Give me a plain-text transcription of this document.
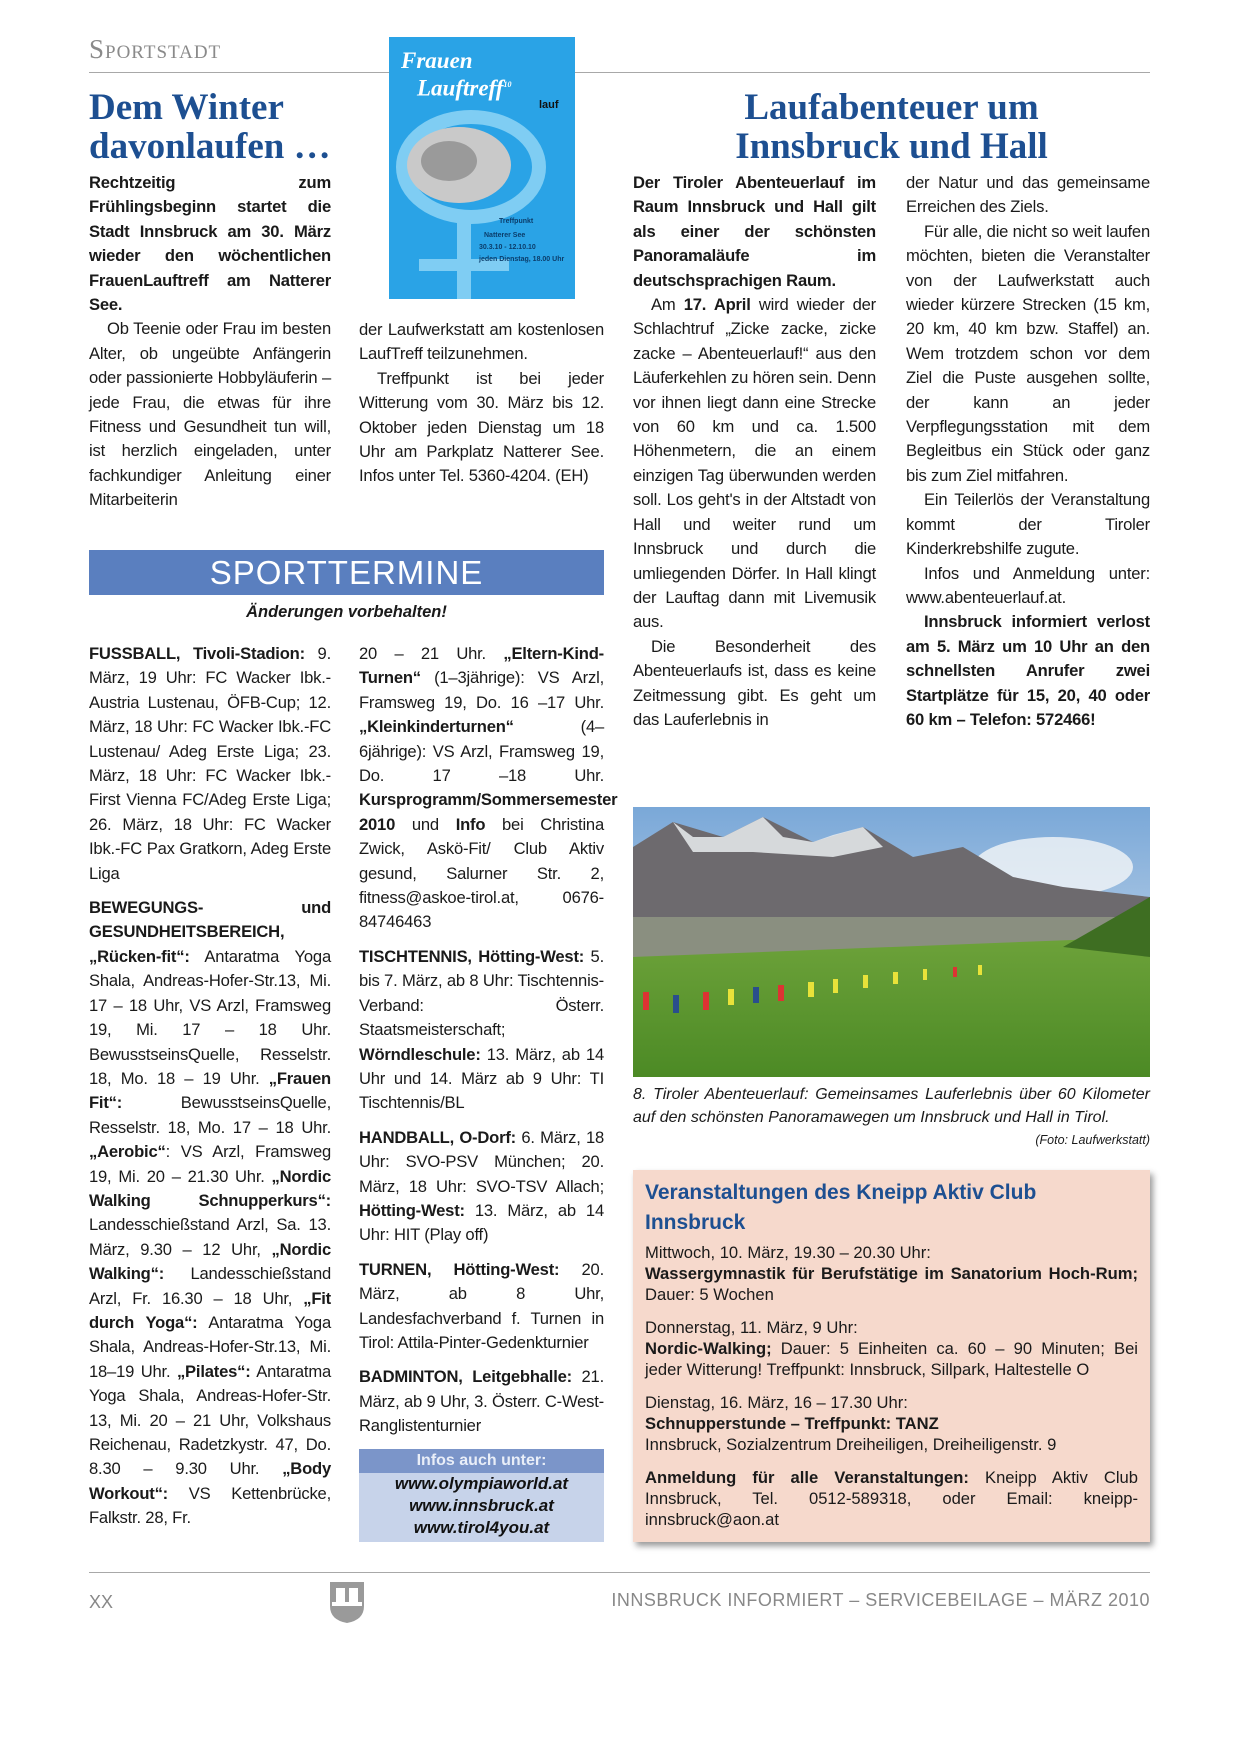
Sportstadt
Dem Winter
davonlaufen …

Rechtzeitig zum Frühlingsbeginn startet die Stadt Innsbruck am 30. März wieder den wöchentlichen FrauenLauftreff am Natterer See.

Ob Teenie oder Frau im besten Alter, ob ungeübte Anfängerin oder passionierte Hobbyläuferin – jede Frau, die etwas für ihre Fitness und Gesundheit tun will, ist herzlich eingeladen, unter fachkundiger Anleitung einer Mitarbeiterin

der Laufwerkstatt am kostenlosen LaufTreff teilzunehmen.

Treffpunkt ist bei jeder Witterung vom 30. März bis 12. Oktober jeden Dienstag um 18 Uhr am Parkplatz Natterer See. Infos unter Tel. 5360-4204. (EH)

Treffpunkt
Natterer See
30.3.10 - 12.10.10
jeden Dienstag, 18.00 Uhr
Frauen
Lauftreff$^{10}$
lauf
SPORTTERMINE
Änderungen vorbehalten!

FUSSBALL, Tivoli-Stadion: 9. März, 19 Uhr: FC Wacker Ibk.-Austria Lustenau, ÖFB-Cup; 12. März, 18 Uhr: FC Wacker Ibk.-FC Lustenau/ Adeg Erste Liga; 23. März, 18 Uhr: FC Wacker Ibk.-First Vienna FC/Adeg Erste Liga; 26. März, 18 Uhr: FC Wacker Ibk.-FC Pax Gratkorn, Adeg Erste Liga

BEWEGUNGS- und GESUNDHEITSBEREICH, „Rücken-fit“: Antaratma Yoga Shala, Andreas-Hofer-Str.13, Mi. 17 – 18 Uhr, VS Arzl, Framsweg 19, Mi. 17 – 18 Uhr. BewusstseinsQuelle, Resselstr. 18, Mo. 18 – 19 Uhr. „Frauen Fit“: BewusstseinsQuelle, Resselstr. 18, Mo. 17 – 18 Uhr. „Aerobic“: VS Arzl, Framsweg 19, Mi. 20 – 21.30 Uhr. „Nordic Walking Schnupperkurs“: Landesschießstand Arzl, Sa. 13. März, 9.30 – 12 Uhr, „Nordic Walking“: Landesschießstand Arzl, Fr. 16.30 – 18 Uhr, „Fit durch Yoga“: Antaratma Yoga Shala, Andreas-Hofer-Str.13, Mi. 18–19 Uhr. „Pilates“: Antaratma Yoga Shala, Andreas-Hofer-Str. 13, Mi. 20 – 21 Uhr, Volkshaus Reichenau, Radetzkystr. 47, Do. 8.30 – 9.30 Uhr. „Body Workout“: VS Kettenbrücke, Falkstr. 28, Fr.

20 – 21 Uhr. „Eltern-Kind-Turnen“ (1–3jährige): VS Arzl, Framsweg 19, Do. 16 –17 Uhr. „Kleinkinderturnen“ (4–6jährige): VS Arzl, Framsweg 19, Do. 17 –18 Uhr. Kursprogramm/Sommersemester 2010 und Info bei Christina Zwick, Askö-Fit/ Club Aktiv gesund, Salurner Str. 2, fitness@askoe-tirol.at, 0676-84746463

TISCHTENNIS, Hötting-West: 5. bis 7. März, ab 8 Uhr: Tischtennis-Verband: Österr. Staatsmeisterschaft; Wörndleschule: 13. März, ab 14 Uhr und 14. März ab 9 Uhr: TI Tischtennis/BL

HANDBALL, O-Dorf: 6. März, 18 Uhr: SVO-PSV München; 20. März, 18 Uhr: SVO-TSV Allach; Hötting-West: 13. März, ab 14 Uhr: HIT (Play off)

TURNEN, Hötting-West: 20. März, ab 8 Uhr, Landesfachverband f. Turnen in Tirol: Attila-Pinter-Gedenkturnier

BADMINTON, Leitgebhalle: 21. März, ab 9 Uhr, 3. Österr. C-West-Ranglistenturnier

Infos auch unter:
www.olympiaworld.at
www.innsbruck.at
www.tirol4you.at
Laufabenteuer um
Innsbruck und Hall

Der Tiroler Abenteuerlauf im Raum Innsbruck und Hall gilt als einer der schönsten Panoramaläufe im deutschsprachigen Raum.

Am 17. April wird wieder der Schlachtruf „Zicke zacke, zicke zacke – Abenteuerlauf!“ aus den Läuferkehlen zu hören sein. Denn vor ihnen liegt dann eine Strecke von 60 km und ca. 1.500 Höhenmetern, die an einem einzigen Tag überwunden werden soll. Los geht's in der Altstadt von Hall und weiter rund um Innsbruck und durch die umliegenden Dörfer. In Hall klingt der Lauftag dann mit Livemusik aus.

Die Besonderheit des Abenteuerlaufs ist, dass es keine Zeitmessung gibt. Es geht um das Lauferlebnis in

der Natur und das gemeinsame Erreichen des Ziels.

Für alle, die nicht so weit laufen möchten, bieten die Veranstalter von der Laufwerkstatt auch wieder kürzere Strecken (15 km, 20 km, 40 km bzw. Staffel) an. Wem trotzdem schon vor dem Ziel die Puste ausgehen sollte, der kann an jeder Verpflegungsstation mit dem Begleitbus ein Stück oder ganz bis zum Ziel mitfahren.

Ein Teilerlös der Veranstaltung kommt der Tiroler Kinderkrebshilfe zugute.

Infos und Anmeldung unter: www.abenteuerlauf.at.

Innsbruck informiert verlost am 5. März um 10 Uhr an den schnellsten Anrufer zwei Startplätze für 15, 20, 40 oder 60 km – Telefon: 572466!

8. Tiroler Abenteuerlauf: Gemeinsames Lauferlebnis über 60 Kilometer auf den schönsten Panoramawegen um Innsbruck und Hall in Tirol.
(Foto: Laufwerkstatt)
Veranstaltungen des Kneipp Aktiv Club Innsbruck

Mittwoch, 10. März, 19.30 – 20.30 Uhr:
Wassergymnastik für Berufstätige im Sanatorium Hoch-Rum; Dauer: 5 Wochen

Donnerstag, 11. März, 9 Uhr:
Nordic-Walking; Dauer: 5 Einheiten ca. 60 – 90 Minuten; Bei jeder Witterung! Treffpunkt: Innsbruck, Sillpark, Haltestelle O

Dienstag, 16. März, 16 – 17.30 Uhr:
Schnupperstunde – Treffpunkt: TANZ
Innsbruck, Sozialzentrum Dreiheiligen, Dreiheiligenstr. 9

Anmeldung für alle Veranstaltungen: Kneipp Aktiv Club Innsbruck, Tel. 0512-589318, oder Email: kneipp-innsbruck@aon.at

XX	INNSBRUCK INFORMIERT – SERVICEBEILAGE – MÄRZ 2010
